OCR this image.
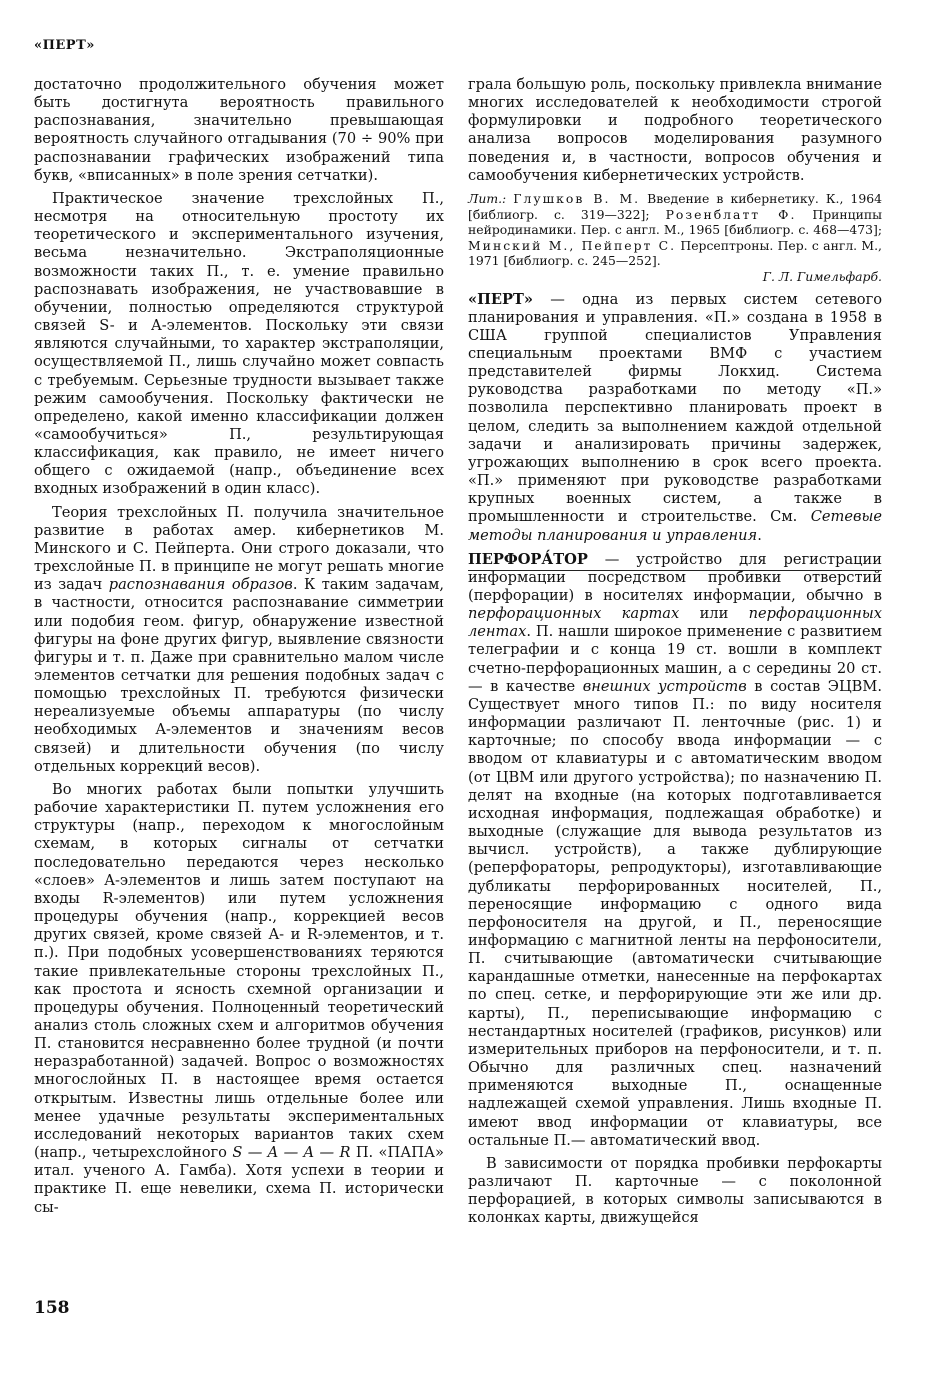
«ПЕРТ»

достаточно продолжительного обучения может быть достигнута вероятность правильного распознавания, значительно превышающая вероятность случайного отгадывания (70 ÷ 90% при распознавании графических изображений типа букв, «вписанных» в поле зрения сетчатки).

Практическое значение трехслойных П., несмотря на относительную простоту их теоретического и экспериментального изучения, весьма незначительно. Экстраполяционные возможности таких П., т. е. умение правильно распознавать изображения, не участвовавшие в обучении, полностью определяются структурой связей S- и A-элементов. Поскольку эти связи являются случайными, то характер экстраполяции, осуществляемой П., лишь случайно может совпасть с требуемым. Серьезные трудности вызывает также режим самообучения. Поскольку фактически не определено, какой именно классификации должен «самообучиться» П., результирующая классификация, как правило, не имеет ничего общего с ожидаемой (напр., объединение всех входных изображений в один класс).

Теория трехслойных П. получила значительное развитие в работах амер. кибернетиков М. Минского и С. Пейперта. Они строго доказали, что трехслойные П. в принципе не могут решать многие из задач распознавания образов. К таким задачам, в частности, относится распознавание симметрии или подобия геом. фигур, обнаружение известной фигуры на фоне других фигур, выявление связности фигуры и т. п. Даже при сравнительно малом числе элементов сетчатки для решения подобных задач с помощью трехслойных П. требуются физически нереализуемые объемы аппаратуры (по числу необходимых A-элементов и значениям весов связей) и длительности обучения (по числу отдельных коррекций весов).

Во многих работах были попытки улучшить рабочие характеристики П. путем усложнения его структуры (напр., переходом к многослойным схемам, в которых сигналы от сетчатки последовательно передаются через несколько «слоев» A-элементов и лишь затем поступают на входы R-элементов) или путем усложнения процедуры обучения (напр., коррекцией весов других связей, кроме связей A- и R-элементов, и т. п.). При подобных усовершенствованиях теряются такие привлекательные стороны трехслойных П., как простота и ясность схемной организации и процедуры обучения. Полноценный теоретический анализ столь сложных схем и алгоритмов обучения П. становится несравненно более трудной (и почти неразработанной) задачей. Вопрос о возможностях многослойных П. в настоящее время остается открытым. Известны лишь отдельные более или менее удачные результаты экспериментальных исследований некоторых вариантов таких схем (напр., четырехслойного S — A — A — R П. «ПАПА» итал. ученого А. Гамба). Хотя успехи в теории и практике П. еще невелики, схема П. исторически сы-

грала большую роль, поскольку привлекла внимание многих исследователей к необходимости строгой формулировки и подробного теоретического анализа вопросов моделирования разумного поведения и, в частности, вопросов обучения и самообучения кибернетических устройств.

Лит.: Глушков В. М. Введение в кибернетику. К., 1964 [библиогр. с. 319—322]; Розенблатт Ф. Принципы нейродинамики. Пер. с англ. М., 1965 [библиогр. с. 468—473]; Минский М., Пейперт С. Персептроны. Пер. с англ. М., 1971 [библиогр. с. 245—252].
Г. Л. Гимельфарб.

«ПЕРТ» — одна из первых систем сетевого планирования и управления. «П.» создана в 1958 в США группой специалистов Управления специальным проектами ВМФ с участием представителей фирмы Локхид. Система руководства разработками по методу «П.» позволила перспективно планировать проект в целом, следить за выполнением каждой отдельной задачи и анализировать причины задержек, угрожающих выполнению в срок всего проекта. «П.» применяют при руководстве разработками крупных военных систем, а также в промышленности и строительстве. См. Сетевые методы планирования и управления.

ПЕРФОРА́ТОР — устройство для регистрации информации посредством пробивки отверстий (перфорации) в носителях информации, обычно в перфорационных картах или перфорационных лентах. П. нашли широкое применение с развитием телеграфии и с конца 19 ст. вошли в комплект счетно-перфорационных машин, а с середины 20 ст.— в качестве внешних устройств в состав ЭЦВМ. Существует много типов П.: по виду носителя информации различают П. ленточные (рис. 1) и карточные; по способу ввода информации — с вводом от клавиатуры и с автоматическим вводом (от ЦВМ или другого устройства); по назначению П. делят на входные (на которых подготавливается исходная информация, подлежащая обработке) и выходные (служащие для вывода результатов из вычисл. устройств), а также дублирующие (реперфораторы, репродукторы), изготавливающие дубликаты перфорированных носителей, П., переносящие информацию с одного вида перфоносителя на другой, и П., переносящие информацию с магнитной ленты на перфоносители, П. считывающие (автоматически считывающие карандашные отметки, нанесенные на перфокартах по спец. сетке, и перфорирующие эти же или др. карты), П., переписывающие информацию с нестандартных носителей (графиков, рисунков) или измерительных приборов на перфоносители, и т. п. Обычно для различных спец. назначений применяются выходные П., оснащенные надлежащей схемой управления. Лишь входные П. имеют ввод информации от клавиатуры, все остальные П.— автоматический ввод.

В зависимости от порядка пробивки перфокарты различают П. карточные — с поколонной перфорацией, в которых символы записываются в колонках карты, движущейся

158
